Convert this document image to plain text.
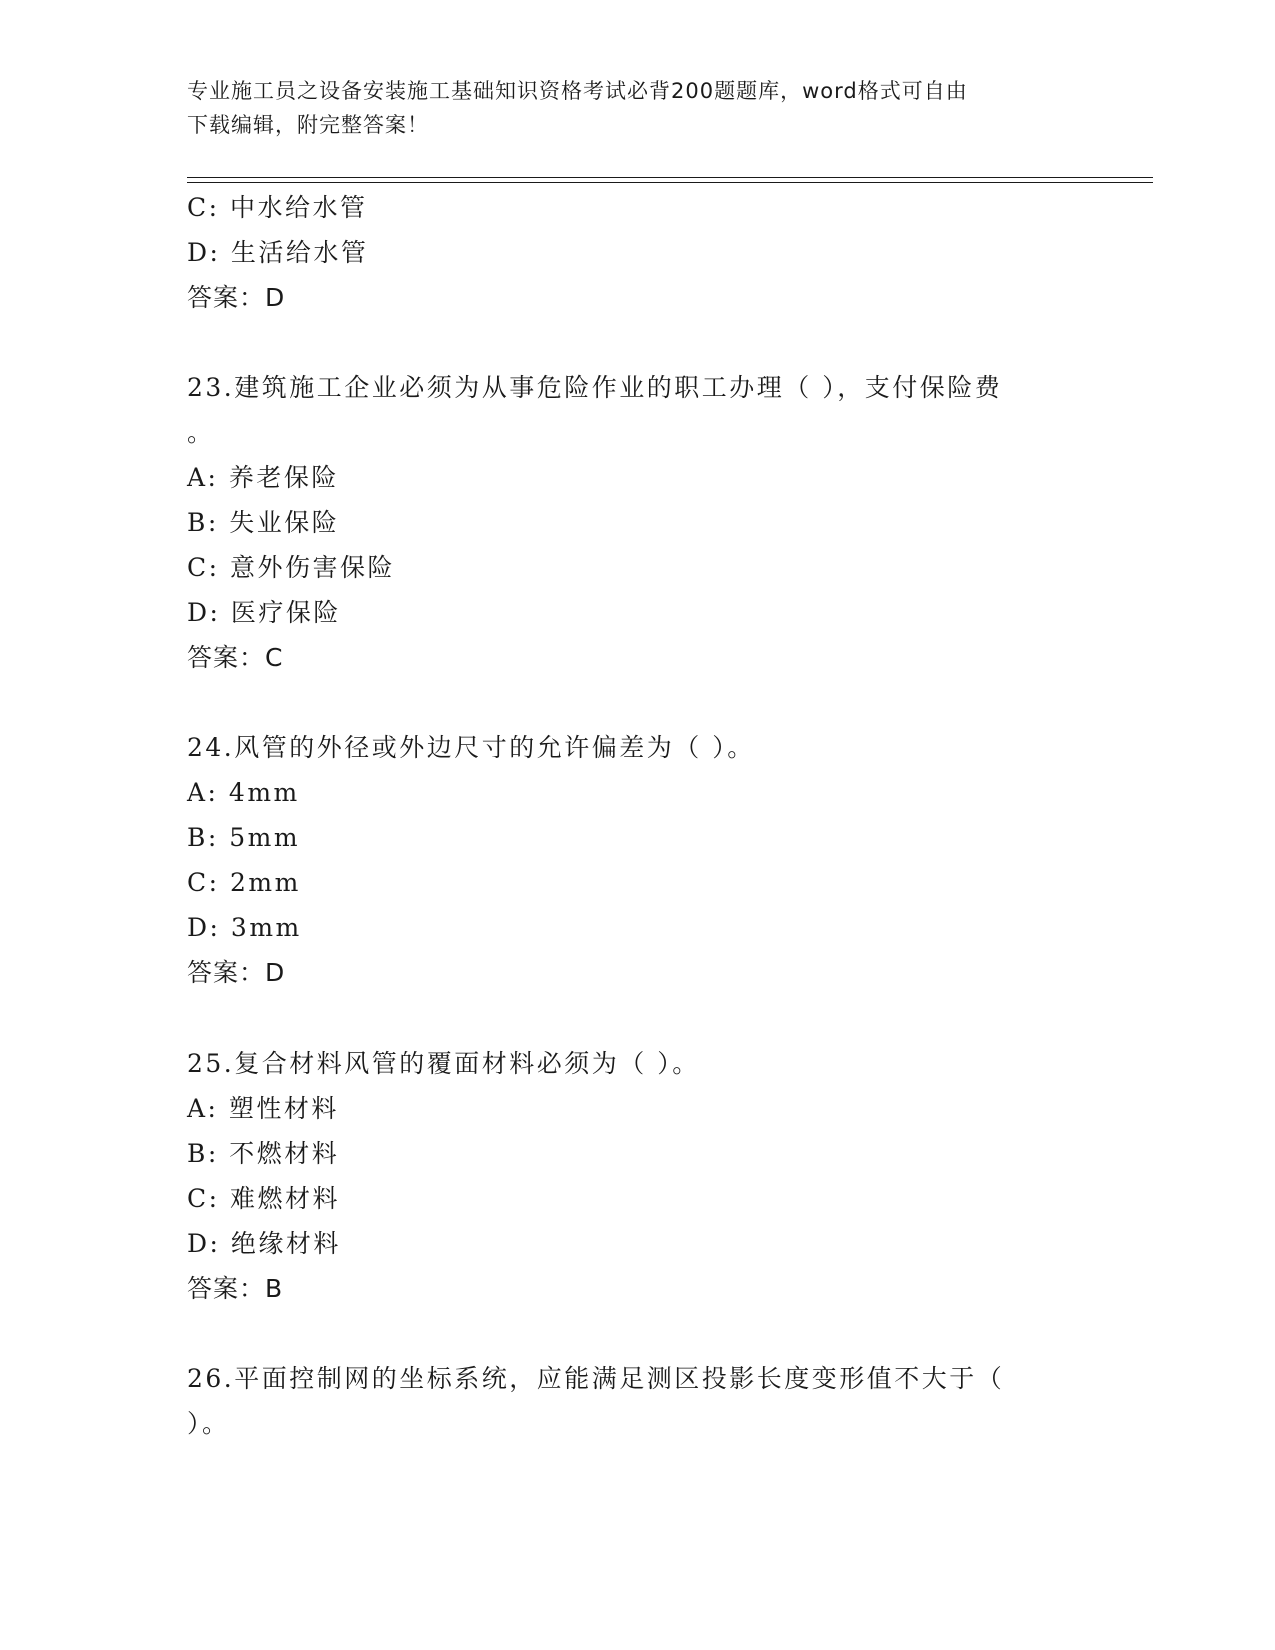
专业施工员之设备安装施工基础知识资格考试必背200题题库，word格式可自由
下载编辑，附完整答案！
C: 中水给水管
D: 生活给水管
答案：D
23.建筑施工企业必须为从事危险作业的职工办理（ ），支付保险费
。
A: 养老保险
B: 失业保险
C: 意外伤害保险
D: 医疗保险
答案：C
24.风管的外径或外边尺寸的允许偏差为（ ）。
A: 4mm
B: 5mm
C: 2mm
D: 3mm
答案：D
25.复合材料风管的覆面材料必须为（ ）。
A: 塑性材料
B: 不燃材料
C: 难燃材料
D: 绝缘材料
答案：B
26.平面控制网的坐标系统，应能满足测区投影长度变形值不大于（
）。
